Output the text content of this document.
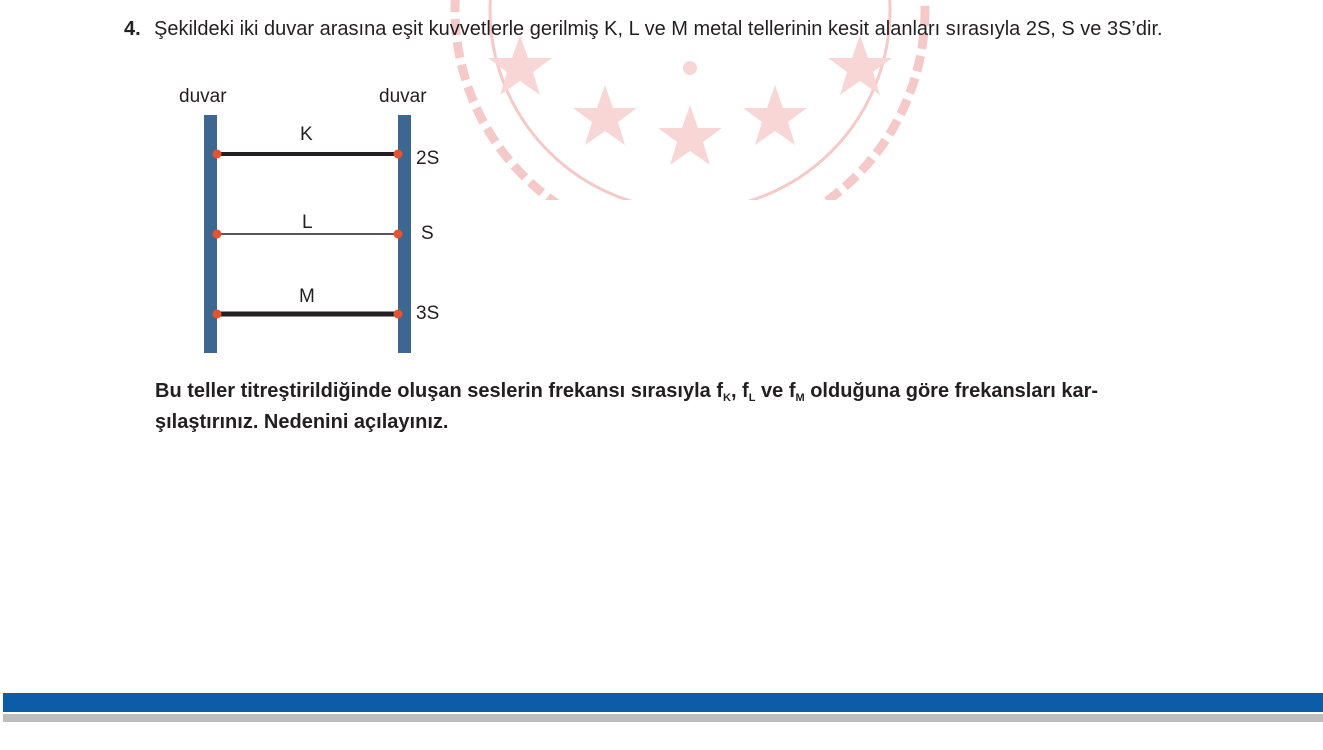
4. Şekildeki iki duvar arasına eşit kuvvetlerle gerilmiş K, L ve M metal tellerinin kesit alanları sırasıyla 2S, S ve 3S’dir.
duvar	duvar
K
2S
L
S
M
3S
Bu teller titreştirildiğinde oluşan seslerin frekansı sırasıyla $f_K$, $f_L$ ve $f_M$ olduğuna göre frekansları kar-
şılaştırınız. Nedenini açılayınız.
